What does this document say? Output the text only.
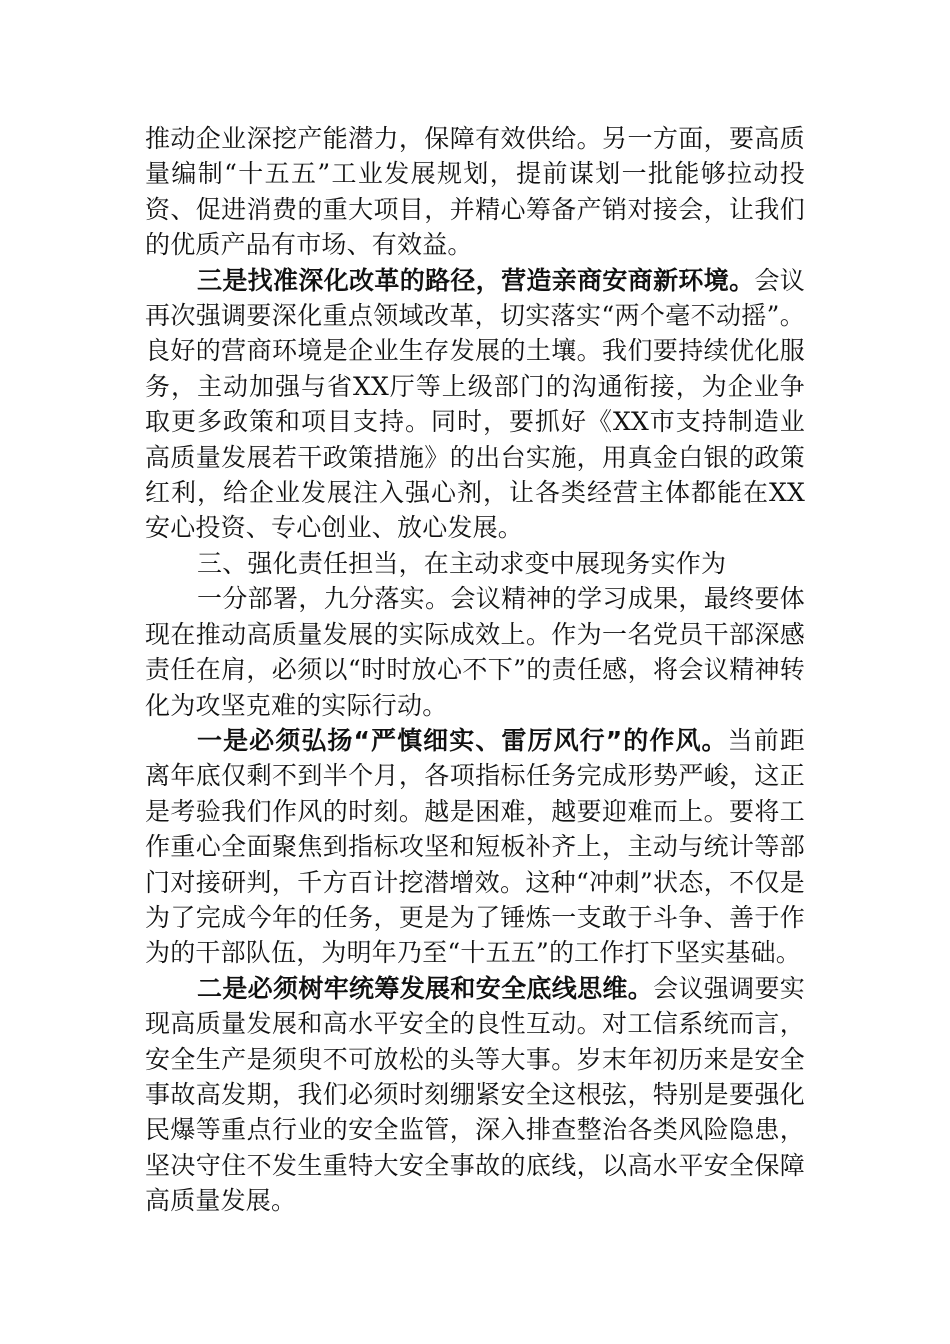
推动企业深挖产能潜力，保障有效供给。另一方面，要高质量编制“十五五”工业发展规划，提前谋划一批能够拉动投资、促进消费的重大项目，并精心筹备产销对接会，让我们的优质产品有市场、有效益。

三是找准深化改革的路径，营造亲商安商新环境。会议再次强调要深化重点领域改革，切实落实“两个毫不动摇”。良好的营商环境是企业生存发展的土壤。我们要持续优化服务，主动加强与省XX厅等上级部门的沟通衔接，为企业争取更多政策和项目支持。同时，要抓好《XX市支持制造业高质量发展若干政策措施》的出台实施，用真金白银的政策红利，给企业发展注入强心剂，让各类经营主体都能在XX安心投资、专心创业、放心发展。

三、强化责任担当，在主动求变中展现务实作为

一分部署，九分落实。会议精神的学习成果，最终要体现在推动高质量发展的实际成效上。作为一名党员干部深感责任在肩，必须以“时时放心不下”的责任感，将会议精神转化为攻坚克难的实际行动。

一是必须弘扬“严慎细实、雷厉风行”的作风。当前距离年底仅剩不到半个月，各项指标任务完成形势严峻，这正是考验我们作风的时刻。越是困难，越要迎难而上。要将工作重心全面聚焦到指标攻坚和短板补齐上，主动与统计等部门对接研判，千方百计挖潜增效。这种“冲刺”状态，不仅是为了完成今年的任务，更是为了锤炼一支敢于斗争、善于作为的干部队伍，为明年乃至“十五五”的工作打下坚实基础。

二是必须树牢统筹发展和安全底线思维。会议强调要实现高质量发展和高水平安全的良性互动。对工信系统而言，安全生产是须臾不可放松的头等大事。岁末年初历来是安全事故高发期，我们必须时刻绷紧安全这根弦，特别是要强化民爆等重点行业的安全监管，深入排查整治各类风险隐患，坚决守住不发生重特大安全事故的底线，以高水平安全保障高质量发展。
